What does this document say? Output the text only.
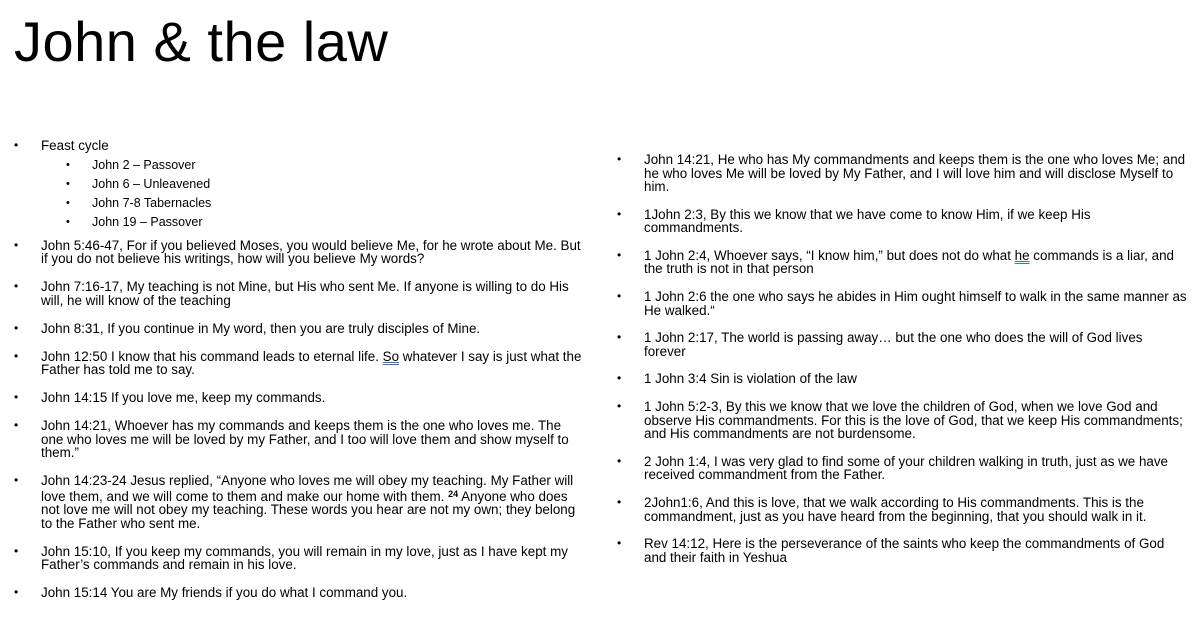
John & the law
• Feast cycle
• John 2 – Passover
• John 6 – Unleavened
• John 7-8 Tabernacles
• John 19 – Passover
• John 5:46-47, For if you believed Moses, you would believe Me, for he wrote about Me. But if you do not believe his writings, how will you believe My words?
• John 7:16-17, My teaching is not Mine, but His who sent Me. If anyone is willing to do His will, he will know of the teaching
• John 8:31, If you continue in My word, then you are truly disciples of Mine.
• John 12:50 I know that his command leads to eternal life. So whatever I say is just what the Father has told me to say.
• John 14:15 If you love me, keep my commands.
• John 14:21, Whoever has my commands and keeps them is the one who loves me. The one who loves me will be loved by my Father, and I too will love them and show myself to them.”
• John 14:23-24 Jesus replied, “Anyone who loves me will obey my teaching. My Father will love them, and we will come to them and make our home with them. $^{24}$ Anyone who does not love me will not obey my teaching. These words you hear are not my own; they belong to the Father who sent me.
• John 15:10, If you keep my commands, you will remain in my love, just as I have kept my Father’s commands and remain in his love.
• John 15:14 You are My friends if you do what I command you.
• John 14:21, He who has My commandments and keeps them is the one who loves Me; and he who loves Me will be loved by My Father, and I will love him and will disclose Myself to him.
• 1John 2:3, By this we know that we have come to know Him, if we keep His commandments.
• 1 John 2:4, Whoever says, “I know him,” but does not do what he commands is a liar, and the truth is not in that person
• 1 John 2:6 the one who says he abides in Him ought himself to walk in the same manner as He walked.“
• 1 John 2:17, The world is passing away… but the one who does the will of God lives forever
• 1 John 3:4 Sin is violation of the law
• 1 John 5:2-3, By this we know that we love the children of God, when we love God and observe His commandments. For this is the love of God, that we keep His commandments; and His commandments are not burdensome.
• 2 John 1:4, I was very glad to find some of your children walking in truth, just as we have received commandment from the Father.
• 2John1:6, And this is love, that we walk according to His commandments. This is the commandment, just as you have heard from the beginning, that you should walk in it.
• Rev 14:12, Here is the perseverance of the saints who keep the commandments of God and their faith in Yeshua
